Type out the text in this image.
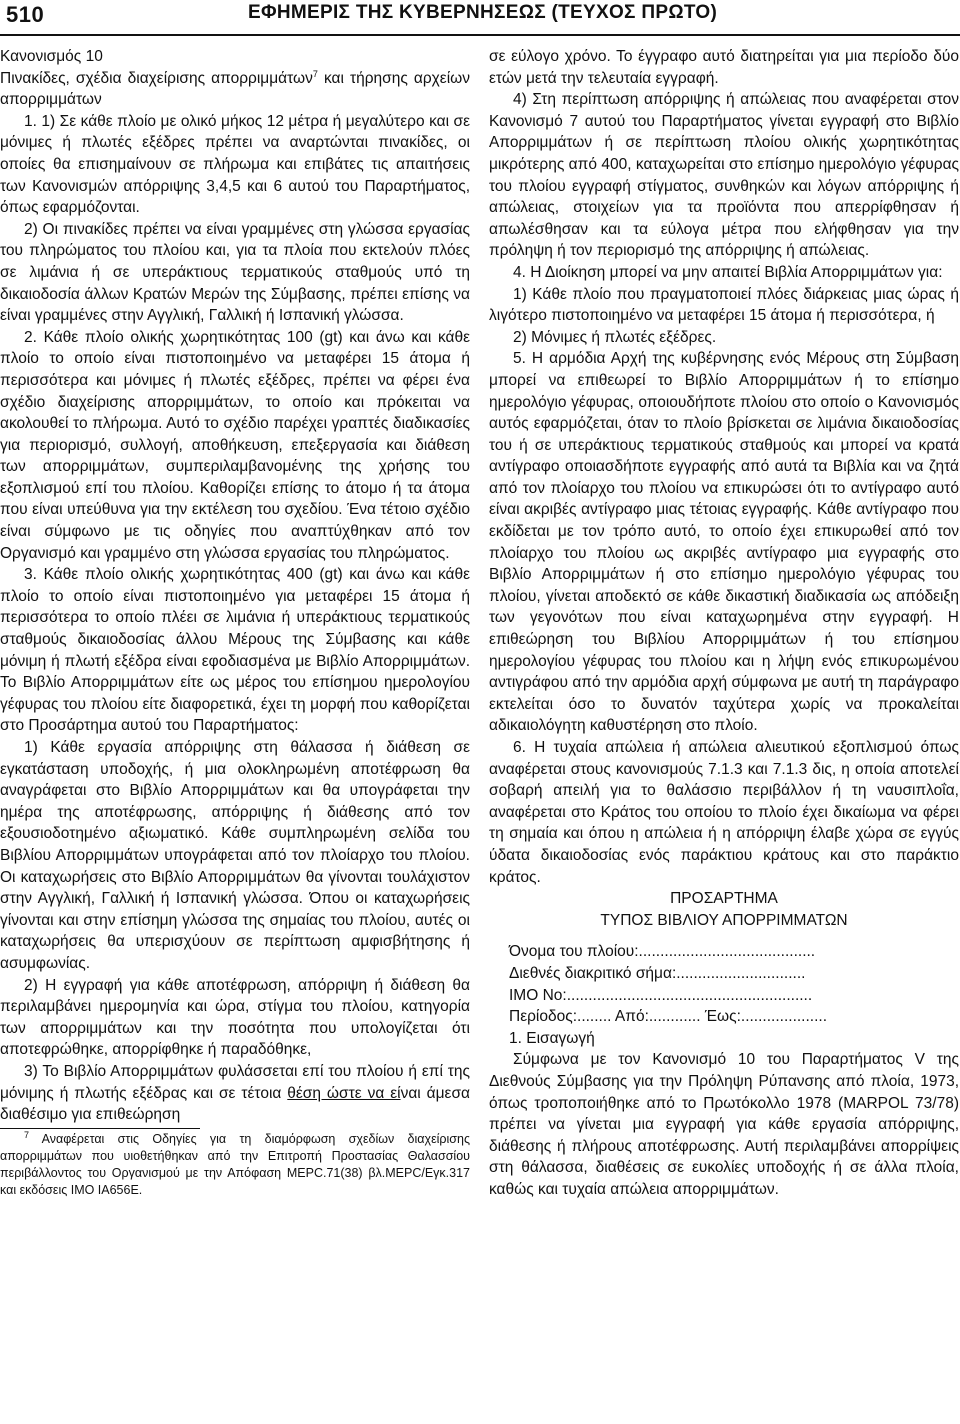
510	ΕΦΗΜΕΡΙΣ ΤΗΣ ΚΥΒΕΡΝΗΣΕΩΣ (ΤΕΥΧΟΣ ΠΡΩΤΟ)

Κανονισμός 10

Πινακίδες, σχέδια διαχείρισης απορριμμάτων$^7$ και τήρησης αρχείων απορριμμάτων

1. 1) Σε κάθε πλοίο με ολικό μήκος 12 μέτρα ή μεγαλύτερο και σε μόνιμες ή πλωτές εξέδρες πρέπει να αναρτώνται πινακίδες, οι οποίες θα επισημαίνουν σε πλήρωμα και επιβάτες τις απαιτήσεις των Κανονισμών απόρριψης 3,4,5 και 6 αυτού του Παραρτήματος, όπως εφαρμόζονται.

2) Οι πινακίδες πρέπει να είναι γραμμένες στη γλώσσα εργασίας του πληρώματος του πλοίου και, για τα πλοία που εκτελούν πλόες σε λιμάνια ή σε υπεράκτιους τερματικούς σταθμούς υπό τη δικαιοδοσία άλλων Κρατών Μερών της Σύμβασης, πρέπει επίσης να είναι γραμμένες στην Αγγλική, Γαλλική ή Ισπανική γλώσσα.

2. Κάθε πλοίο ολικής χωρητικότητας 100 (gt) και άνω και κάθε πλοίο το οποίο είναι πιστοποιημένο να μεταφέρει 15 άτομα ή περισσότερα και μόνιμες ή πλωτές εξέδρες, πρέπει να φέρει ένα σχέδιο διαχείρισης απορριμμάτων, το οποίο και πρόκειται να ακολουθεί το πλήρωμα. Αυτό το σχέδιο παρέχει γραπτές διαδικασίες για περιορισμό, συλλογή, αποθήκευση, επεξεργασία και διάθεση των απορριμμάτων, συμπεριλαμβανομένης της χρήσης του εξοπλισμού επί του πλοίου. Καθορίζει επίσης το άτομο ή τα άτομα που είναι υπεύθυνα για την εκτέλεση του σχεδίου. Ένα τέτοιο σχέδιο είναι σύμφωνο με τις οδηγίες που αναπτύχθηκαν από τον Οργανισμό και γραμμένο στη γλώσσα εργασίας του πληρώματος.

3. Κάθε πλοίο ολικής χωρητικότητας 400 (gt) και άνω και κάθε πλοίο το οποίο είναι πιστοποιημένο για μεταφέρει 15 άτομα ή περισσότερα το οποίο πλέει σε λιμάνια ή υπεράκτιους τερματικούς σταθμούς δικαιοδοσίας άλλου Μέρους της Σύμβασης και κάθε μόνιμη ή πλωτή εξέδρα είναι εφοδιασμένα με Βιβλίο Απορριμμάτων. Το Βιβλίο Απορριμμάτων είτε ως μέρος του επίσημου ημερολογίου γέφυρας του πλοίου είτε διαφορετικά, έχει τη μορφή που καθορίζεται στο Προσάρτημα αυτού του Παραρτήματος:

1) Κάθε εργασία απόρριψης στη θάλασσα ή διάθεση σε εγκατάσταση υποδοχής, ή μια ολοκληρωμένη αποτέφρωση θα αναγράφεται στο Βιβλίο Απορριμμάτων και θα υπογράφεται την ημέρα της αποτέφρωσης, απόρριψης ή διάθεσης από τον εξουσιοδοτημένο αξιωματικό. Κάθε συμπληρωμένη σελίδα του Βιβλίου Απορριμμάτων υπογράφεται από τον πλοίαρχο του πλοίου. Οι καταχωρήσεις στο Βιβλίο Απορριμμάτων θα γίνονται τουλάχιστον στην Αγγλική, Γαλλική ή Ισπανική γλώσσα. Όπου οι καταχωρήσεις γίνονται και στην επίσημη γλώσσα της σημαίας του πλοίου, αυτές οι καταχωρήσεις θα υπερισχύουν σε περίπτωση αμφισβήτησης ή ασυμφωνίας.

2) Η εγγραφή για κάθε αποτέφρωση, απόρριψη ή διάθεση θα περιλαμβάνει ημερομηνία και ώρα, στίγμα του πλοίου, κατηγορία των απορριμμάτων και την ποσότητα που υπολογίζεται ότι αποτεφρώθηκε, απορρίφθηκε ή παραδόθηκε,

3) Το Βιβλίο Απορριμμάτων φυλάσσεται επί του πλοίου ή επί της μόνιμης ή πλωτής εξέδρας και σε τέτοια θέση ώστε να είναι άμεσα διαθέσιμο για επιθεώρηση

$^7$ Αναφέρεται στις Οδηγίες για τη διαμόρφωση σχεδίων διαχείρισης απορριμμάτων που υιοθετήθηκαν από την Επιτροπή Προστασίας Θαλασσίου περιβάλλοντος του Οργανισμού με την Απόφαση ΜΕPC.71(38) βλ.MEPC/Εγκ.317 και εκδόσεις ΙΜΟ ΙΑ656Ε.

σε εύλογο χρόνο. Το έγγραφο αυτό διατηρείται για μια περίοδο δύο ετών μετά την τελευταία εγγραφή.

4) Στη περίπτωση απόρριψης ή απώλειας που αναφέρεται στον Κανονισμό 7 αυτού του Παραρτήματος γίνεται εγγραφή στο Βιβλίο Απορριμμάτων ή σε περίπτωση πλοίου ολικής χωρητικότητας μικρότερης από 400, καταχωρείται στο επίσημο ημερολόγιο γέφυρας του πλοίου εγγραφή στίγματος, συνθηκών και λόγων απόρριψης ή απώλειας, στοιχείων για τα προϊόντα που απερρίφθησαν ή απωλέσθησαν και τα εύλογα μέτρα που ελήφθησαν για την πρόληψη ή τον περιορισμό της απόρριψης ή απώλειας.

4. Η Διοίκηση μπορεί να μην απαιτεί Βιβλία Απορριμμάτων για:

1) Κάθε πλοίο που πραγματοποιεί πλόες διάρκειας μιας ώρας ή λιγότερο πιστοποιημένο να μεταφέρει 15 άτομα ή περισσότερα, ή

2) Μόνιμες ή πλωτές εξέδρες.

5. Η αρμόδια Αρχή της κυβέρνησης ενός Μέρους στη Σύμβαση μπορεί να επιθεωρεί το Βιβλίο Απορριμμάτων ή το επίσημο ημερολόγιο γέφυρας, οποιουδήποτε πλοίου στο οποίο ο Κανονισμός αυτός εφαρμόζεται, όταν το πλοίο βρίσκεται σε λιμάνια δικαιοδοσίας του ή σε υπεράκτιους τερματικούς σταθμούς και μπορεί να κρατά αντίγραφο οποιασδήποτε εγγραφής από αυτά τα Βιβλία και να ζητά από τον πλοίαρχο του πλοίου να επικυρώσει ότι το αντίγραφο αυτό είναι ακριβές αντίγραφο μιας τέτοιας εγγραφής. Κάθε αντίγραφο που εκδίδεται με τον τρόπο αυτό, το οποίο έχει επικυρωθεί από τον πλοίαρχο του πλοίου ως ακριβές αντίγραφο μια εγγραφής στο Βιβλίο Απορριμμάτων ή στο επίσημο ημερολόγιο γέφυρας του πλοίου, γίνεται αποδεκτό σε κάθε δικαστική διαδικασία ως απόδειξη των γεγονότων που είναι καταχωρημένα στην εγγραφή. Η επιθεώρηση του Βιβλίου Απορριμμάτων ή του επίσημου ημερολογίου γέφυρας του πλοίου και η λήψη ενός επικυρωμένου αντιγράφου από την αρμόδια αρχή σύμφωνα με αυτή τη παράγραφο εκτελείται όσο το δυνατόν ταχύτερα χωρίς να προκαλείται αδικαιολόγητη καθυστέρηση στο πλοίο.

6. Η τυχαία απώλεια ή απώλεια αλιευτικού εξοπλισμού όπως αναφέρεται στους κανονισμούς 7.1.3 και 7.1.3 δις, η οποία αποτελεί σοβαρή απειλή για το θαλάσσιο περιβάλλον ή τη ναυσιπλοΐα, αναφέρεται στο Κράτος του οποίου το πλοίο έχει δικαίωμα να φέρει τη σημαία και όπου η απώλεια ή η απόρριψη έλαβε χώρα σε εγγύς ύδατα δικαιοδοσίας ενός παράκτιου κράτους και στο παράκτιο κράτος.

ΠΡΟΣΑΡΤΗΜΑ

ΤΥΠΟΣ ΒΙΒΛΙΟΥ ΑΠΟΡΡΙΜΜΑΤΩΝ

Όνομα του πλοίου:.........................................

Διεθνές διακριτικό σήμα:..............................

ΙΜΟ Νο:.........................................................

Περίοδος:........ Από:............ Έως:....................

1. Εισαγωγή

Σύμφωνα με τον Κανονισμό 10 του Παραρτήματος V της Διεθνούς Σύμβασης για την Πρόληψη Ρύπανσης από πλοία, 1973, όπως τροποποιήθηκε από το Πρωτόκολλο 1978 (MARPOL 73/78) πρέπει να γίνεται μια εγγραφή για κάθε εργασία απόρριψης, διάθεσης ή πλήρους αποτέφρωσης. Αυτή περιλαμβάνει απορρίψεις στη θάλασσα, διαθέσεις σε ευκολίες υποδοχής ή σε άλλα πλοία, καθώς και τυχαία απώλεια απορριμμάτων.
